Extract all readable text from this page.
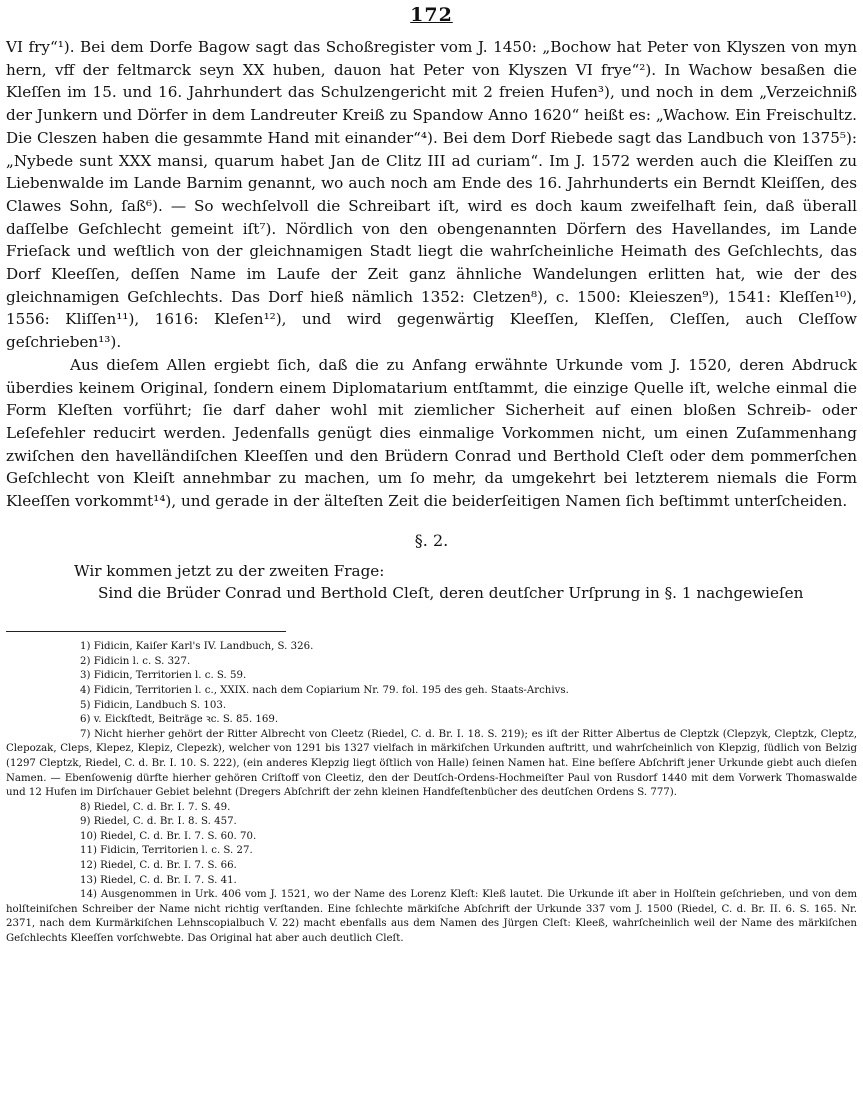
172

VI fry“¹). Bei dem Dorfe Bagow sagt das Schoßregister vom J. 1450: „Bochow hat Peter von Klyszen von myn hern, vff der feltmarck seyn XX huben, dauon hat Peter von Klyszen VI frye“²). In Wachow besaßen die Kleſſen im 15. und 16. Jahrhundert das Schulzengericht mit 2 freien Hufen³), und noch in dem „Verzeichniß der Junkern und Dörfer in dem Landreuter Kreiß zu Spandow Anno 1620“ heißt es: „Wachow. Ein Freischultz. Die Cleszen haben die gesammte Hand mit einander“⁴). Bei dem Dorf Riebede sagt das Landbuch von 1375⁵): „Nybede sunt XXX mansi, quarum habet Jan de Clitz III ad curiam“. Im J. 1572 werden auch die Kleiſſen zu Liebenwalde im Lande Barnim genannt, wo auch noch am Ende des 16. Jahrhunderts ein Berndt Kleiſſen, des Clawes Sohn, ſaß⁶). — So wechſelvoll die Schreibart iſt, wird es doch kaum zweifelhaft ſein, daß überall daſſelbe Geſchlecht gemeint iſt⁷). Nördlich von den obengenannten Dörfern des Havellandes, im Lande Frieſack und weſtlich von der gleichnamigen Stadt liegt die wahrſcheinliche Heimath des Geſchlechts, das Dorf Kleeſſen, deſſen Name im Laufe der Zeit ganz ähnliche Wandelungen erlitten hat, wie der des gleichnamigen Geſchlechts. Das Dorf hieß nämlich 1352: Cletzen⁸), c. 1500: Kleieszen⁹), 1541: Kleſſen¹⁰), 1556: Kliſſen¹¹), 1616: Kleſen¹²), und wird gegenwärtig Kleeſſen, Kleſſen, Cleſſen, auch Cleſſow geſchrieben¹³).

Aus dieſem Allen ergiebt ſich, daß die zu Anfang erwähnte Urkunde vom J. 1520, deren Abdruck überdies keinem Original, ſondern einem Diplomatarium entſtammt, die einzige Quelle iſt, welche einmal die Form Kleſten vorführt; ſie darf daher wohl mit ziemlicher Sicherheit auf einen bloßen Schreib- oder Leſefehler reducirt werden. Jedenfalls genügt dies einmalige Vorkommen nicht, um einen Zuſammenhang zwiſchen den havelländiſchen Kleeſſen und den Brüdern Conrad und Berthold Cleſt oder dem pommerſchen Geſchlecht von Kleiſt annehmbar zu machen, um ſo mehr, da umgekehrt bei letzterem niemals die Form Kleeſſen vorkommt¹⁴), und gerade in der älteſten Zeit die beiderſeitigen Namen ſich beſtimmt unterſcheiden.

§. 2.
Wir kommen jetzt zu der zweiten Frage:
Sind die Brüder Conrad und Berthold Cleſt, deren deutſcher Urſprung in §. 1 nachgewieſen

1) Fidicin, Kaiſer Karl's IV. Landbuch, S. 326.

2) Fidicin l. c. S. 327.

3) Fidicin, Territorien l. c. S. 59.

4) Fidicin, Territorien l. c., XXIX. nach dem Copiarium Nr. 79. fol. 195 des geh. Staats-Archivs.

5) Fidicin, Landbuch S. 103.

6) v. Eickſtedt, Beiträge ꝛc. S. 85. 169.

7) Nicht hierher gehört der Ritter Albrecht von Cleetz (Riedel, C. d. Br. I. 18. S. 219); es iſt der Ritter Albertus de Cleptzk (Clepzyk, Cleptzk, Cleptz, Clepozak, Cleps, Klepez, Klepiz, Clepezk), welcher von 1291 bis 1327 vielfach in märkiſchen Urkunden auftritt, und wahrſcheinlich von Klepzig, ſüdlich von Belzig (1297 Cleptzk, Riedel, C. d. Br. I. 10. S. 222), (ein anderes Klepzig liegt öſtlich von Halle) ſeinen Namen hat. Eine beſſere Abſchrift jener Urkunde giebt auch dieſen Namen. — Ebenſowenig dürfte hierher gehören Criſtoff von Cleetiz, den der Deutſch-Ordens-Hochmeiſter Paul von Rusdorf 1440 mit dem Vorwerk Thomaswalde und 12 Hufen im Dirſchauer Gebiet belehnt (Dregers Abſchrift der zehn kleinen Handfeſtenbücher des deutſchen Ordens S. 777).

8) Riedel, C. d. Br. I. 7. S. 49.

9) Riedel, C. d. Br. I. 8. S. 457.

10) Riedel, C. d. Br. I. 7. S. 60. 70.

11) Fidicin, Territorien l. c. S. 27.

12) Riedel, C. d. Br. I. 7. S. 66.

13) Riedel, C. d. Br. I. 7. S. 41.

14) Ausgenommen in Urk. 406 vom J. 1521, wo der Name des Lorenz Kleſt: Kleß lautet. Die Urkunde iſt aber in Holſtein geſchrieben, und von dem holſteiniſchen Schreiber der Name nicht richtig verſtanden. Eine ſchlechte märkiſche Abſchrift der Urkunde 337 vom J. 1500 (Riedel, C. d. Br. II. 6. S. 165. Nr. 2371, nach dem Kurmärkiſchen Lehnscopialbuch V. 22) macht ebenfalls aus dem Namen des Jürgen Cleſt: Kleeß, wahrſcheinlich weil der Name des märkiſchen Geſchlechts Kleeſſen vorſchwebte. Das Original hat aber auch deutlich Cleſt.
